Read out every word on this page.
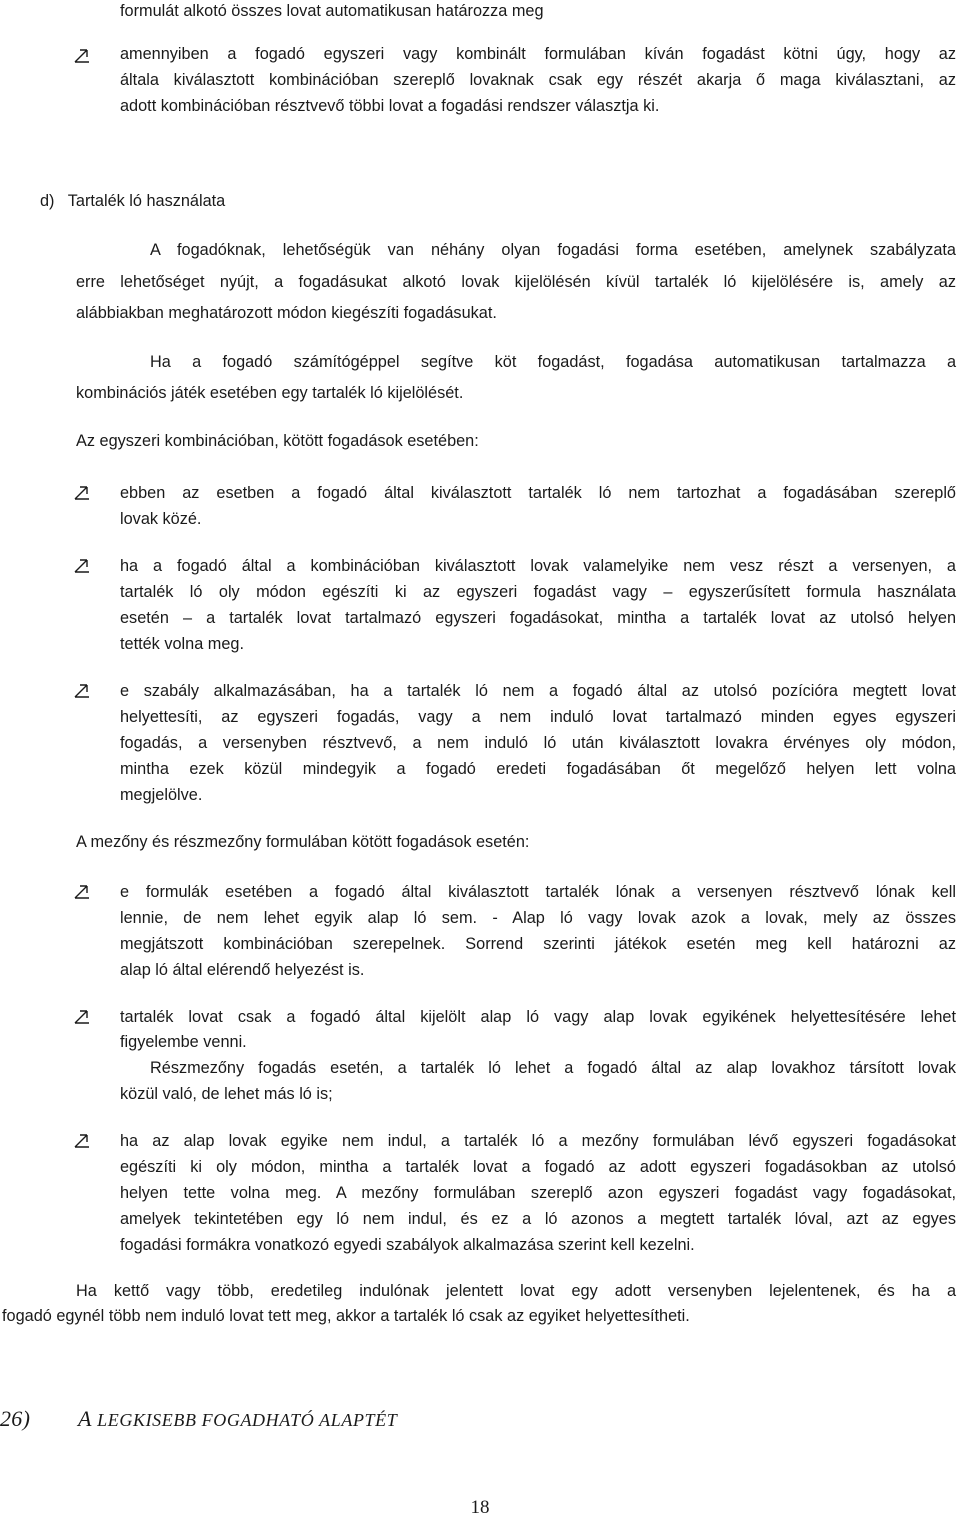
formulát alkotó összes lovat automatikusan határozza meg
amennyiben a fogadó egyszeri vagy kombinált formulában kíván fogadást kötni úgy, hogy az
általa kiválasztott kombinációban szereplő lovaknak csak egy részét akarja ő maga kiválasztani, az
adott kombinációban résztvevő többi lovat a fogadási rendszer választja ki.
d)   Tartalék ló használata
A fogadóknak, lehetőségük van néhány olyan fogadási forma esetében, amelynek szabályzata
erre lehetőséget nyújt, a fogadásukat alkotó lovak kijelölésén kívül tartalék ló kijelölésére is, amely az
alábbiakban meghatározott módon kiegészíti fogadásukat.
Ha a fogadó számítógéppel segítve köt fogadást, fogadása automatikusan tartalmazza a
kombinációs játék esetében egy tartalék ló kijelölését.
Az egyszeri kombinációban, kötött fogadások esetében:
ebben az esetben a fogadó által kiválasztott tartalék ló nem tartozhat a fogadásában szereplő
lovak közé.
ha a fogadó által a kombinációban kiválasztott lovak valamelyike nem vesz részt a versenyen, a
tartalék ló oly módon egészíti ki az egyszeri fogadást vagy – egyszerűsített formula használata
esetén – a tartalék lovat tartalmazó egyszeri fogadásokat, mintha a tartalék lovat az utolsó helyen
tették volna meg.
e szabály alkalmazásában, ha a tartalék ló nem a fogadó által az utolsó pozícióra megtett lovat
helyettesíti, az egyszeri fogadás, vagy a nem induló lovat tartalmazó minden egyes egyszeri
fogadás, a versenyben résztvevő, a nem induló ló után kiválasztott lovakra érvényes oly módon,
mintha ezek közül mindegyik a fogadó eredeti fogadásában őt megelőző helyen lett volna
megjelölve.
A mezőny és részmezőny formulában kötött fogadások esetén:
e formulák esetében a fogadó által kiválasztott tartalék lónak a versenyen résztvevő lónak kell
lennie, de nem lehet egyik alap ló sem. - Alap ló vagy lovak azok a lovak, mely az összes
megjátszott kombinációban szerepelnek. Sorrend szerinti játékok esetén meg kell határozni az
alap ló által elérendő helyezést is.
tartalék lovat csak a fogadó által kijelölt alap ló vagy alap lovak egyikének helyettesítésére lehet
figyelembe venni.
Részmezőny fogadás esetén, a tartalék ló lehet a fogadó által az alap lovakhoz társított lovak
közül való, de lehet más ló is;
ha az alap lovak egyike nem indul, a tartalék ló a mezőny formulában lévő egyszeri fogadásokat
egészíti ki oly módon, mintha a tartalék lovat a fogadó az adott egyszeri fogadásokban az utolsó
helyen tette volna meg. A mezőny formulában szereplő azon egyszeri fogadást vagy fogadásokat,
amelyek tekintetében egy ló nem indul, és ez a ló azonos a megtett tartalék lóval, azt az egyes
fogadási formákra vonatkozó egyedi szabályok alkalmazása szerint kell kezelni.
Ha kettő vagy több, eredetileg indulónak jelentett lovat egy adott versenyben lejelentenek, és ha a
fogadó egynél több nem induló lovat tett meg, akkor a tartalék ló csak az egyiket helyettesítheti.
26) A LEGKISEBB FOGADHATÓ ALAPTÉT
18
